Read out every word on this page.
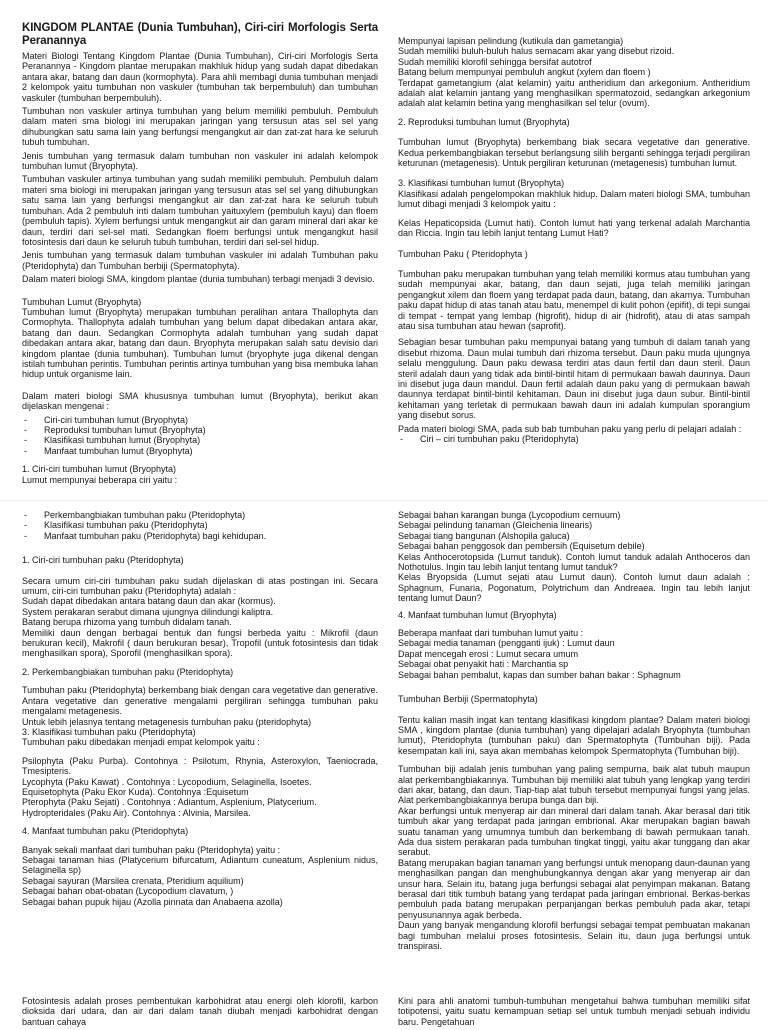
KINGDOM PLANTAE (Dunia Tumbuhan), Ciri-ciri Morfologis Serta Peranannya

Materi Biologi Tentang Kingdom Plantae (Dunia Tumbuhan), Ciri-ciri Morfologis Serta Peranannya - Kingdom plantae merupakan makhluk hidup yang sudah dapat dibedakan antara akar, batang dan daun (kormophyta). Para ahli membagi dunia tumbuhan menjadi 2 kelompok yaitu tumbuhan non vaskuler (tumbuhan tak berpembuluh) dan tumbuhan vaskuler (tumbuhan berpembuluh).

Tumbuhan non vaskuler artinya tumbuhan yang belum memiliki pembuluh. Pembuluh dalam materi sma biologi ini merupakan jaringan yang tersusun atas sel sel yang dihubungkan satu sama lain yang berfungsi mengangkut air dan zat-zat hara ke seluruh tubuh tumbuhan.

Jenis tumbuhan yang termasuk dalam tumbuhan non vaskuler ini adalah kelompok tumbuhan lumut (Bryophyta).

Tumbuhan vaskuler artinya tumbuhan yang sudah memiliki pembuluh. Pembuluh dalam materi sma biologi ini merupakan jaringan yang tersusun atas sel sel yang dihubungkan satu sama lain yang berfungsi mengangkut air dan zat-zat hara ke seluruh tubuh tumbuhan. Ada 2 pembuluh inti dalam tumbuhan yaituxylem (pembuluh kayu) dan floem (pembuluh tapis). Xylem berfungsi untuk mengangkut air dan garam mineral dari akar ke daun, terdiri dari sel-sel mati. Sedangkan floem berfungsi untuk mengangkut hasil fotosintesis dari daun ke seluruh tubuh tumbuhan, terdiri dari sel-sel hidup.

Jenis tumbuhan yang termasuk dalam tumbuhan vaskuler ini adalah Tumbuhan paku (Pteridophyta) dan Tumbuhan berbiji (Spermatophyta).

Dalam materi biologi SMA, kingdom plantae (dunia tumbuhan) terbagi menjadi 3 devisio.

Tumbuhan Lumut (Bryophyta)

Tumbuhan lumut (Bryophyta) merupakan tumbuhan peralihan antara Thallophyta dan Cormophyta. Thallophyta adalah tumbuhan yang belum dapat dibedakan antara akar, batang dan daun. Sedangkan Cormophyta adalah tumbuhan yang sudah dapat dibedakan antara akar, batang dan daun. Bryophyta merupakan salah satu devisio dari kingdom plantae (dunia tumbuhan). Tumbuhan lumut (bryophyte juga dikenal dengan istilah tumbuhan perintis. Tumbuhan perintis artinya tumbuhan yang bisa membuka lahan hidup untuk organisme lain.

Dalam materi biologi SMA khususnya tumbuhan lumut (Bryophyta), berikut akan dijelaskan mengenai :

- Ciri-ciri tumbuhan lumut (Bryophyta)
- Reproduksi tumbuhan lumut (Bryophyta)
- Klasifikasi tumbuhan lumut (Bryophyta)
- Manfaat tumbuhan lumut (Bryophyta)

1. Ciri-ciri tumbuhan lumut (Bryophyta)

Lumut mempunyai beberapa ciri yaitu :

Mempunyai lapisan pelindung (kutikula dan gametangia)

Sudah memiliki buluh-buluh halus semacam akar yang disebut rizoid.

Sudah memiliki klorofil sehingga bersifat autotrof

Batang belum mempunyai pembuluh angkut (xylem dan floem )

Terdapat gametangium (alat kelamin) yaitu antheridium dan arkegonium. Antheridium adalah alat kelamin jantang yang menghasilkan spermatozoid, sedangkan arkegonium adalah alat kelamin betina yang menghasilkan sel telur (ovum).

2. Reproduksi tumbuhan lumut (Bryophyta)

Tumbuhan lumut (Bryophyta) berkembang biak secara vegetative dan generative. Kedua perkembangbiakan tersebut berlangsung silih berganti sehingga terjadi pergiliran keturunan (metagenesis). Untuk pergiliran keturunan (metagenesis) tumbuhan lumut.

3. Klasifikasi tumbuhan lumut (Bryophyta)

Klasifikasi adalah pengelompokan makhluk hidup. Dalam materi biologi SMA, tumbuhan lumut dibagi menjadi 3 kelompok yaitu :

Kelas Hepaticopsida (Lumut hati). Contoh lumut hati yang terkenal adalah Marchantia dan Riccia. Ingin tau lebih lanjut tentang Lumut Hati?

Tumbuhan Paku ( Pteridophyta )

Tumbuhan paku merupakan tumbuhan yang telah memiliki kormus atau tumbuhan yang sudah mempunyai akar, batang, dan daun sejati, juga telah memiliki jaringan pengangkut xilem dan floem yang terdapat pada daun, batang, dan akarnya. Tumbuhan paku dapat hidup di atas tanah atau batu, menempel di kulit pohon (epifit), di tepi sungai di tempat - tempat yang lembap (higrofit), hidup di air (hidrofit), atau di atas sampah atau sisa tumbuhan atau hewan (saprofit).

Sebagian besar tumbuhan paku mempunyai batang yang tumbuh di dalam tanah yang disebut rhizoma. Daun mulai tumbuh dari rhizoma tersebut. Daun paku muda ujungnya selalu menggulung. Daun paku dewasa terdiri atas daun fertil dan daun steril. Daun steril adalah daun yang tidak ada bintil-bintil hitam di permukaan bawah daunnya. Daun ini disebut juga daun mandul. Daun fertil adalah daun paku yang di permukaan bawah daunnya terdapat bintil-bintil kehitaman. Daun ini disebut juga daun subur. Bintil-bintil kehitaman yang terletak di permukaan bawah daun ini adalah kumpulan sporangium yang disebut sorus.

Pada materi biologi SMA, pada sub bab tumbuhan paku yang perlu di pelajari adalah :

- Ciri – ciri tumbuhan paku (Pteridophyta)
- Perkembangbiakan tumbuhan paku (Pteridophyta)
- Klasifikasi tumbuhan paku (Pteridophyta)
- Manfaat tumbuhan paku (Pteridophyta) bagi kehidupan.

1. Ciri-ciri tumbuhan paku (Pteridophyta)

Secara umum ciri-ciri tumbuhan paku sudah dijelaskan di atas postingan ini. Secara umum, ciri-ciri tumbuhan paku (Pteridophyta) adalah :

Sudah dapat dibedakan antara batang daun dan akar (kormus).

System perakaran serabut dimana ujungnya dilindungi kaliptra.

Batang berupa rhizoma yang tumbuh didalam tanah.

Memiliki daun dengan berbagai bentuk dan fungsi berbeda yaitu : Mikrofil (daun berukuran kecil), Makrofil ( daun berukuran besar), Tropofil (untuk fotosintesis dan tidak menghasilkan spora), Sporofil (menghasilkan spora).

2. Perkembangbiakan tumbuhan paku (Pteridophyta)

Tumbuhan paku (Pteridophyta) berkembang biak dengan cara vegetative dan generative. Antara vegetative dan generative mengalami pergiliran sehingga tumbuhan paku mengalami metagenesis.

Untuk lebih jelasnya tentang metagenesis tumbuhan paku (pteridophyta)

3. Klasifikasi tumbuhan paku (Pteridophyta)

Tumbuhan paku dibedakan menjadi empat kelompok yaitu :

Psilophyta (Paku Purba). Contohnya : Psilotum, Rhynia, Asteroxylon, Taeniocrada, Tmesipteris.

Lycophyta (Paku Kawat) . Contohnya : Lycopodium, Selaginella, Isoetes.

Equisetophyta (Paku Ekor Kuda). Contohnya :Equisetum

Pterophyta (Paku Sejati) . Contohnya : Adiantum, Asplenium, Platycerium.

Hydropteridales (Paku Air). Contohnya : Alvinia, Marsilea.

4. Manfaat tumbuhan paku (Pteridophyta)

Banyak sekali manfaat dari tumbuhan paku (Pteridophyta) yaitu :

Sebagai tanaman hias (Platycerium bifurcatum, Adiantum cuneatum, Asplenium nidus, Selaginella sp)

Sebagai sayuran (Marsilea crenata, Pteridium aquilium)

Sebagai bahan obat-obatan (Lycopodium clavatum, )

Sebagai bahan pupuk hijau (Azolla pinnata dan Anabaena azolla)

Sebagai bahan karangan bunga (Lycopodium cernuum)

Sebagai pelindung tanaman (Gleichenia linearis)

Sebagai tiang bangunan (Alshopila galuca)

Sebagai bahan penggosok dan pembersih (Equisetum debile)

Kelas Anthocerotopsida (Lumut tanduk). Contoh lumut tanduk adalah Anthoceros dan Nothotulus. Ingin tau lebih lanjut tentang lumut tanduk?

Kelas Bryopsida (Lumut sejati atau Lumut daun). Contoh lumut daun adalah : Sphagnum, Funaria, Pogonatum, Polytrichum dan Andreaea. Ingin tau lebih lanjut tentang lumut Daun?

4. Manfaat tumbuhan lumut (Bryophyta)

Beberapa manfaat dari tumbuhan lumut yaitu :

Sebagai media tanaman (pengganti ijuk) : Lumut daun

Dapat mencegah erosi : Lumut secara umum

Sebagai obat penyakit hati : Marchantia sp

Sebagai bahan pembalut, kapas dan sumber bahan bakar : Sphagnum

Tumbuhan Berbiji (Spermatophyta)

Tentu kalian masih ingat kan tentang klasifikasi kingdom plantae? Dalam materi biologi SMA , kingdom plantae (dunia tumbuhan) yang dipelajari adalah Bryophyta (tumbuhan lumut), Pteridophyta (tumbuhan paku) dan Spermatophyta (Tumbuhan biji). Pada kesempatan kali ini, saya akan membahas kelompok Spermatophyta (Tumbuhan biji).

Tumbuhan biji adalah jenis tumbuhan yang paling sempurna, baik alat tubuh maupun alat perkembangbiakannya. Tumbuhan biji memiliki alat tubuh yang lengkap yang terdiri dari akar, batang, dan daun. Tiap-tiap alat tubuh tersebut mempunyai fungsi yang jelas. Alat perkembangbiakannya berupa bunga dan biji.

Akar berfungsi untuk menyerap air dan mineral dari dalam tanah. Akar berasal dari titik tumbuh akar yang terdapat pada jaringan embrional. Akar merupakan bagian bawah suatu tanaman yang umumnya tumbuh dan berkembang di bawah permukaan tanah. Ada dua sistem perakaran pada tumbuhan tingkat tinggi, yaitu akar tunggang dan akar serabut.

Batang merupakan bagian tanaman yang berfungsi untuk menopang daun-daunan yang menghasilkan pangan dan menghubungkannya dengan akar yang menyerap air dan unsur hara. Selain itu, batang juga berfungsi sebagai alat penyimpan makanan. Batang berasal dari titik tumbuh batang yang terdapat pada jaringan embrional. Berkas-berkas pembuluh pada batang merupakan perpanjangan berkas pembuluh pada akar, tetapi penyusunannya agak berbeda.

Daun yang banyak mengandung klorofil berfungsi sebagai tempat pembuatan makanan bagi tumbuhan melalui proses fotosintesis. Selain itu, daun juga berfungsi untuk transpirasi.

Fotosintesis adalah proses pembentukan karbohidrat atau energi oleh klorofil, karbon dioksida dari udara, dan air dari dalam tanah diubah menjadi karbohidrat dengan bantuan cahaya

Kini para ahli anatomi tumbuh-tumbuhan mengetahui bahwa tumbuhan memiliki sifat totipotensi, yaitu suatu kemampuan setiap sel untuk tumbuh menjadi sebuah individu baru. Pengetahuan
